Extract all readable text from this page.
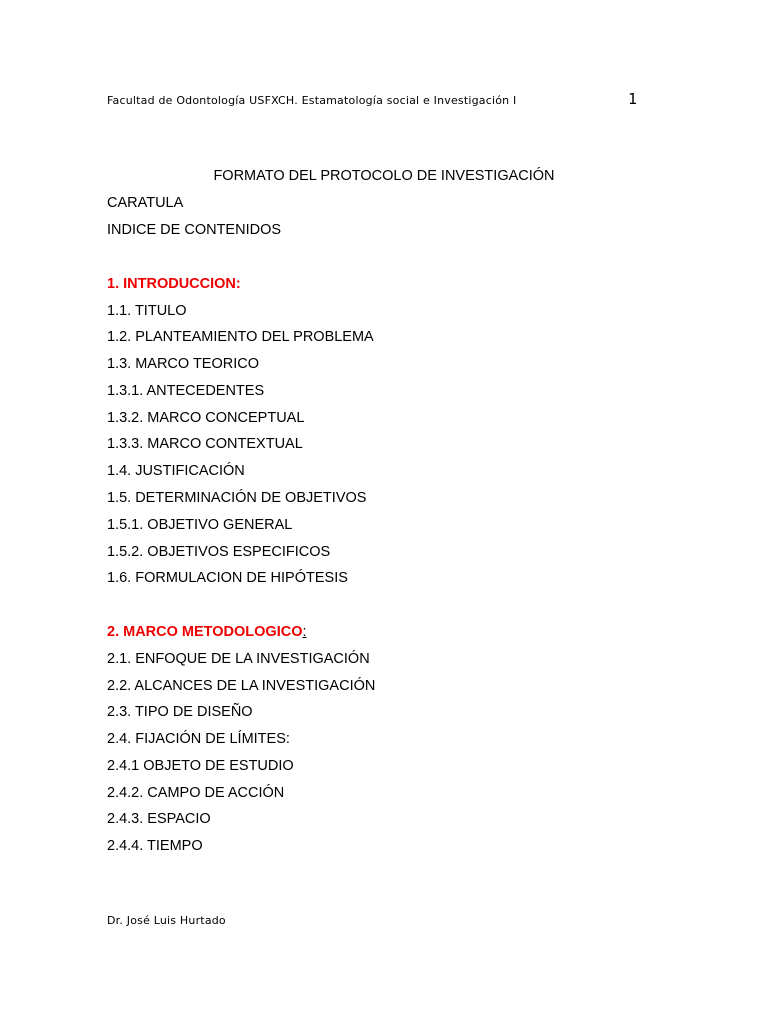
Facultad de Odontología USFXCH. Estamatología social e Investigación I	1
FORMATO DEL PROTOCOLO DE INVESTIGACIÓN
CARATULA
INDICE DE CONTENIDOS
1. INTRODUCCION:
1.1. TITULO
1.2. PLANTEAMIENTO DEL PROBLEMA
1.3. MARCO TEORICO
1.3.1. ANTECEDENTES
1.3.2. MARCO CONCEPTUAL
1.3.3. MARCO CONTEXTUAL
1.4. JUSTIFICACIÓN
1.5. DETERMINACIÓN DE OBJETIVOS
1.5.1. OBJETIVO GENERAL
1.5.2. OBJETIVOS ESPECIFICOS
1.6. FORMULACION DE HIPÓTESIS
2. MARCO METODOLOGICO:
2.1. ENFOQUE DE LA INVESTIGACIÓN
2.2. ALCANCES DE LA INVESTIGACIÓN
2.3. TIPO DE DISEÑO
2.4. FIJACIÓN DE LÍMITES:
2.4.1 OBJETO DE ESTUDIO
2.4.2. CAMPO DE ACCIÓN
2.4.3. ESPACIO
2.4.4. TIEMPO
Dr. José Luis Hurtado
